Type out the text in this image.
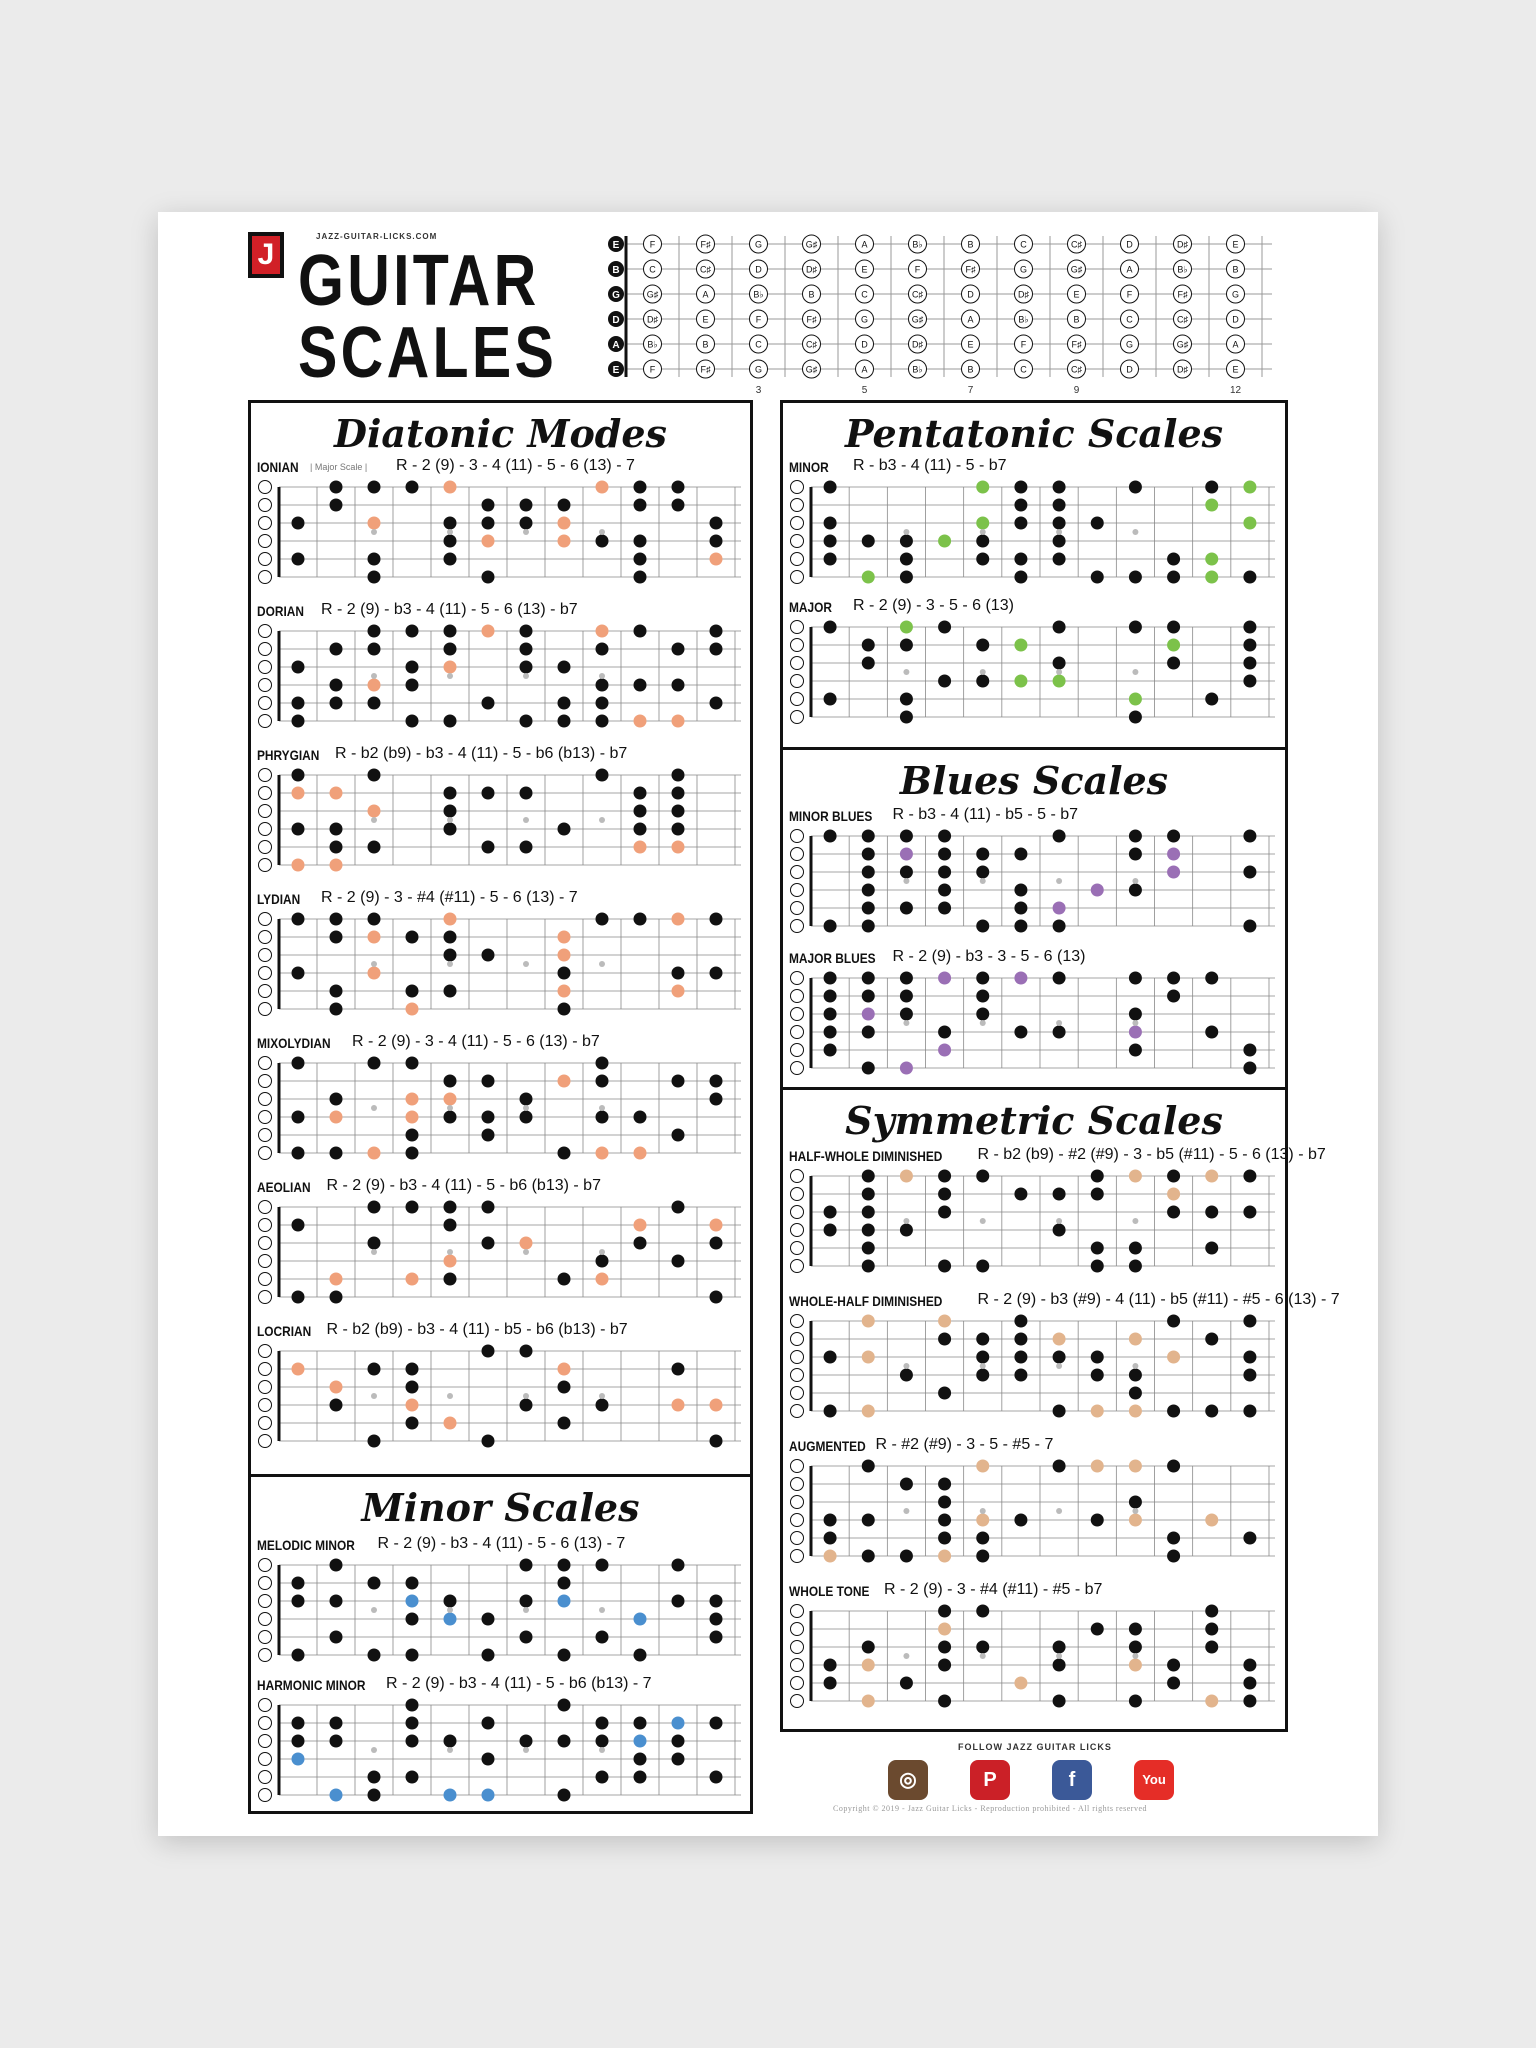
J
JAZZ-GUITAR-LICKS.COM
GUITAR
SCALES
E
B
G
D
A
E
F	F♯	G	G♯	A	B♭	B	C	C♯	D	D♯	E
C	C♯	D	D♯	E	F	F♯	G	G♯	A	B♭	B
G♯	A	B♭	B	C	C♯	D	D♯	E	F	F♯	G
D♯	E	F	F♯	G	G♯	A	B♭	B	C	C♯	D
B♭	B	C	C♯	D	D♯	E	F	F♯	G	G♯	A
F	F♯	G	G♯	A	B♭	B	C	C♯	D	D♯	E
3	5	7	9	12
Diatonic Modes
IONIAN | Major Scale | R - 2 (9) - 3 - 4 (11) - 5 - 6 (13) - 7
DORIAN R - 2 (9) - b3 - 4 (11) - 5 - 6 (13) - b7
PHRYGIAN R - b2 (b9) - b3 - 4 (11) - 5 - b6 (b13) - b7
LYDIAN R - 2 (9) - 3 - #4 (#11) - 5 - 6 (13) - 7
MIXOLYDIAN R - 2 (9) - 3 - 4 (11) - 5 - 6 (13) - b7
AEOLIAN R - 2 (9) - b3 - 4 (11) - 5 - b6 (b13) - b7
LOCRIAN R - b2 (b9) - b3 - 4 (11) - b5 - b6 (b13) - b7
Minor Scales
MELODIC MINOR R - 2 (9) - b3 - 4 (11) - 5 - 6 (13) - 7
HARMONIC MINOR R - 2 (9) - b3 - 4 (11) - 5 - b6 (b13) - 7
Pentatonic Scales
MINOR R - b3 - 4 (11) - 5 - b7
MAJOR R - 2 (9) - 3 - 5 - 6 (13)
Blues Scales
MINOR BLUES R - b3 - 4 (11) - b5 - 5 - b7
MAJOR BLUES R - 2 (9) - b3 - 3 - 5 - 6 (13)
Symmetric Scales
HALF-WHOLE DIMINISHED R - b2 (b9) - #2 (#9) - 3 - b5 (#11) - 5 - 6 (13) - b7
WHOLE-HALF DIMINISHED R - 2 (9) - b3 (#9) - 4 (11) - b5 (#11) - #5 - 6 (13) - 7
AUGMENTED R - #2 (#9) - 3 - 5 - #5 - 7
WHOLE TONE R - 2 (9) - 3 - #4 (#11) - #5 - b7
FOLLOW JAZZ GUITAR LICKS
◎	P	f	You
Copyright © 2019 - Jazz Guitar Licks - Reproduction prohibited - All rights reserved
